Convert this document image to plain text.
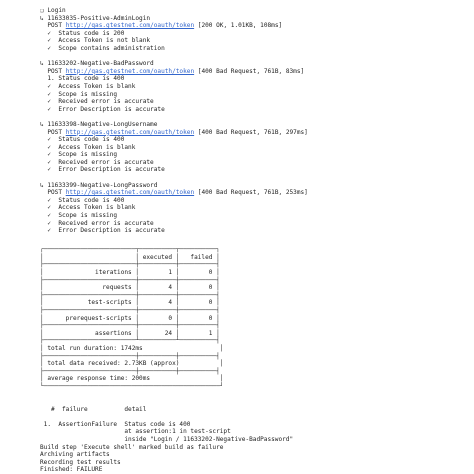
❏ Login
↳ 11633035-Positive-AdminLogin
POST http://qas.gtestnet.com/oauth/token [200 OK, 1.01KB, 108ms]
✓  Status code is 200
✓  Access Token is not blank
✓  Scope contains administration
↳ 11633202-Negative-BadPassword
POST http://qas.gtestnet.com/oauth/token [400 Bad Request, 761B, 83ms]
1. Status code is 400
✓  Access Token is blank
✓  Scope is missing
✓  Received error is accurate
✓  Error Description is accurate
↳ 11633398-Negative-LongUsername
POST http://qas.gtestnet.com/oauth/token [400 Bad Request, 761B, 297ms]
✓  Status code is 400
✓  Access Token is blank
✓  Scope is missing
✓  Received error is accurate
✓  Error Description is accurate
↳ 11633399-Negative-LongPassword
POST http://qas.gtestnet.com/oauth/token [400 Bad Request, 761B, 253ms]
✓  Status code is 400
✓  Access Token is blank
✓  Scope is missing
✓  Received error is accurate
✓  Error Description is accurate
┌─────────────────────────┬──────────┬──────────┐
│                         │ executed │   failed │
├─────────────────────────┼──────────┼──────────┤
│              iterations │        1 │        0 │
├─────────────────────────┼──────────┼──────────┤
│                requests │        4 │        0 │
├─────────────────────────┼──────────┼──────────┤
│            test-scripts │        4 │        0 │
├─────────────────────────┼──────────┼──────────┤
│      prerequest-scripts │        0 │        0 │
├─────────────────────────┼──────────┼──────────┤
│              assertions │       24 │        1 │
├─────────────────────────┴──────────┴──────────┤
│ total run duration: 1742ms                     │
├─────────────────────────┼──────────┼──────────┤
│ total data received: 2.73KB (approx)           │
├─────────────────────────┼──────────┼──────────┤
│ average response time: 200ms                   │
└────────────────────────────────────────────────┘
#  failure          detail
1.  AssertionFailure  Status code is 400
at assertion:1 in test-script
inside "Login / 11633202-Negative-BadPassword"
Build step 'Execute shell' marked build as failure
Archiving artifacts
Recording test results
Finished: FAILURE
